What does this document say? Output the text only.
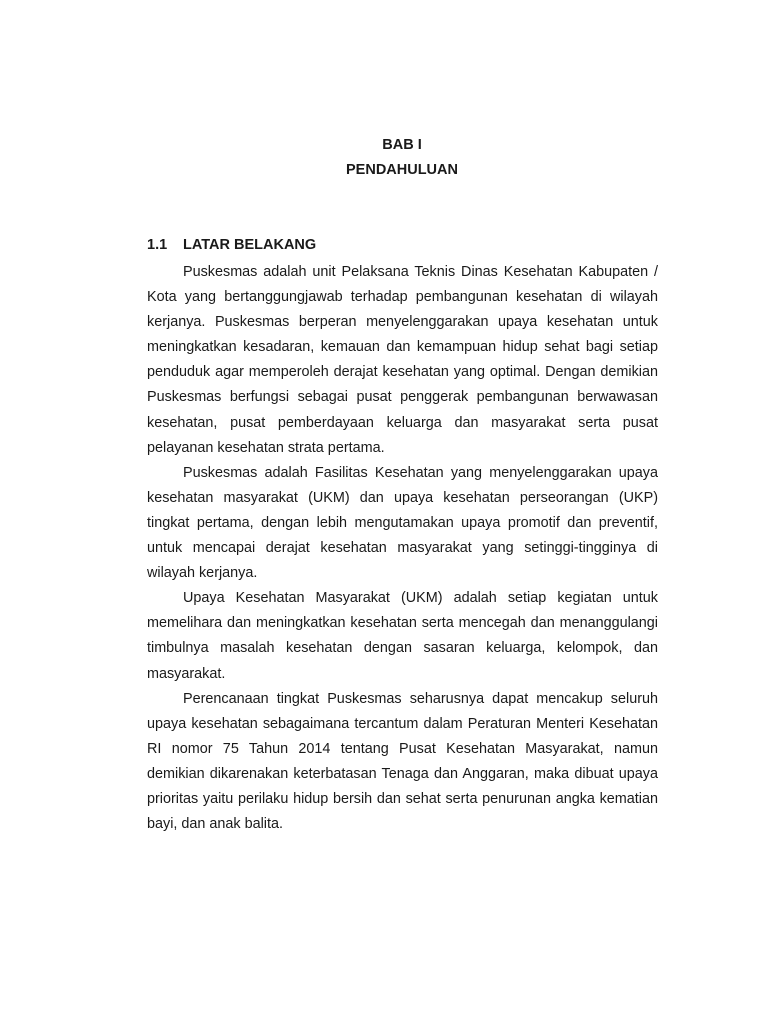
BAB I
PENDAHULUAN
1.1 LATAR BELAKANG

Puskesmas adalah unit Pelaksana Teknis Dinas Kesehatan Kabupaten / Kota yang bertanggungjawab terhadap pembangunan kesehatan di wilayah kerjanya. Puskesmas berperan menyelenggarakan upaya kesehatan untuk meningkatkan kesadaran, kemauan dan kemampuan hidup sehat bagi setiap penduduk agar memperoleh derajat kesehatan yang optimal. Dengan demikian Puskesmas berfungsi sebagai pusat penggerak pembangunan berwawasan kesehatan, pusat pemberdayaan keluarga dan masyarakat serta pusat pelayanan kesehatan strata pertama.

Puskesmas adalah Fasilitas Kesehatan yang menyelenggarakan upaya kesehatan masyarakat (UKM) dan upaya kesehatan perseorangan (UKP) tingkat pertama, dengan lebih mengutamakan upaya promotif dan preventif, untuk mencapai derajat kesehatan masyarakat yang setinggi-tingginya di wilayah kerjanya.

Upaya Kesehatan Masyarakat (UKM) adalah setiap kegiatan untuk memelihara dan meningkatkan kesehatan serta mencegah dan menanggulangi timbulnya masalah kesehatan dengan sasaran keluarga, kelompok, dan masyarakat.

Perencanaan tingkat Puskesmas seharusnya dapat mencakup seluruh upaya kesehatan sebagaimana tercantum dalam Peraturan Menteri Kesehatan RI nomor 75 Tahun 2014 tentang Pusat Kesehatan Masyarakat, namun demikian dikarenakan keterbatasan Tenaga dan Anggaran, maka dibuat upaya prioritas yaitu perilaku hidup bersih dan sehat serta penurunan angka kematian bayi, dan anak balita.
